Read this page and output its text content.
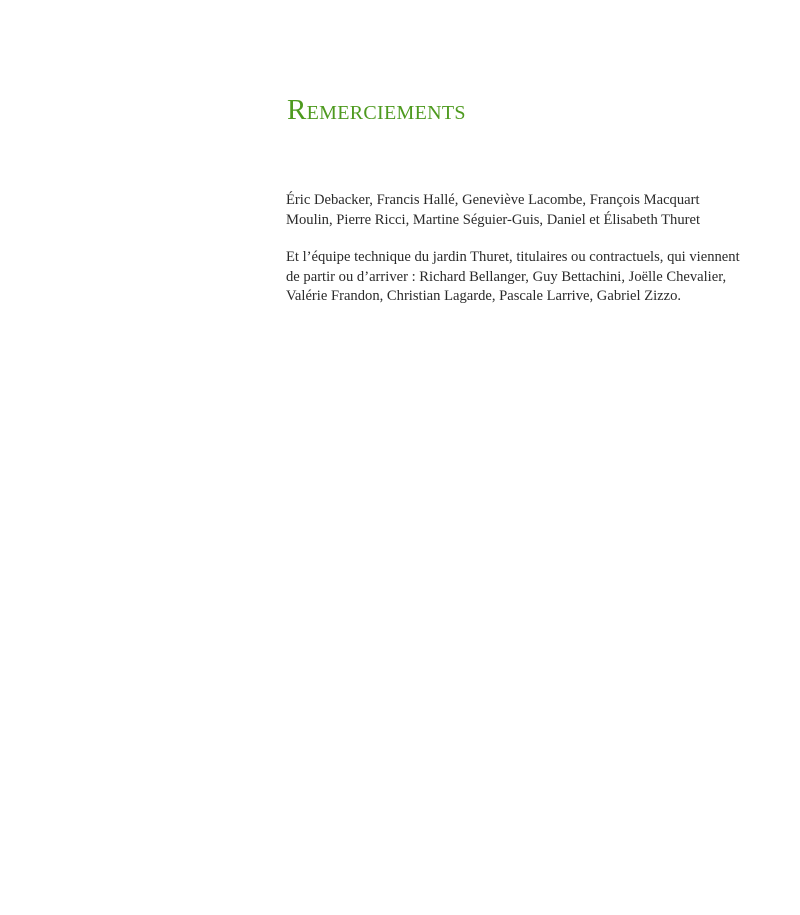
Remerciements

Éric Debacker, Francis Hallé, Geneviève Lacombe, François Macquart Moulin, Pierre Ricci, Martine Séguier-Guis, Daniel et Élisabeth Thuret

Et l’équipe technique du jardin Thuret, titulaires ou contractuels, qui viennent de partir ou d’arriver : Richard Bellanger, Guy Bettachini, Joëlle Chevalier, Valérie Frandon, Christian Lagarde, Pascale Larrive, Gabriel Zizzo.
